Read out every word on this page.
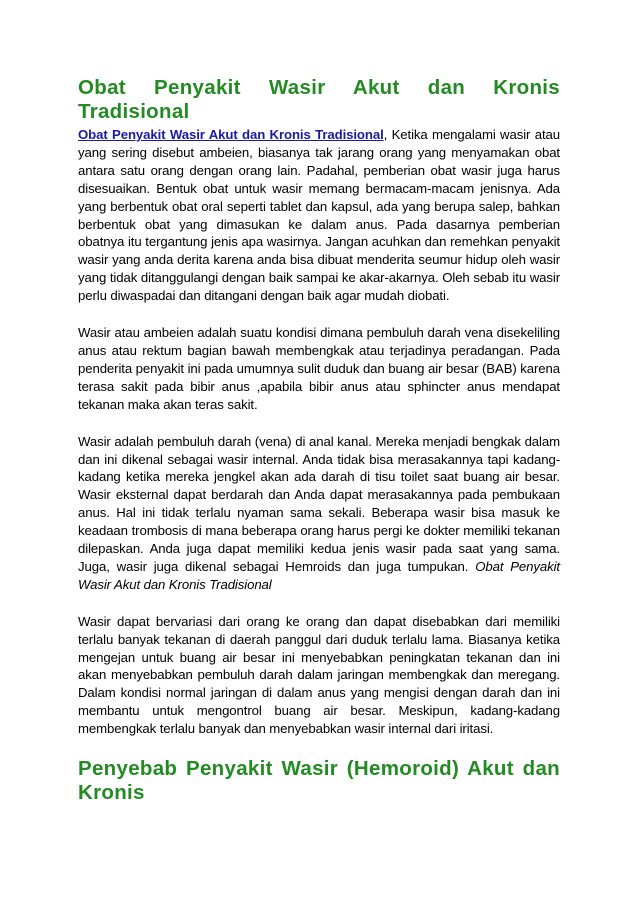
Obat Penyakit Wasir Akut dan Kronis Tradisional

Obat Penyakit Wasir Akut dan Kronis Tradisional, Ketika mengalami wasir atau yang sering disebut ambeien, biasanya tak jarang orang yang menyamakan obat antara satu orang dengan orang lain. Padahal, pemberian obat wasir juga harus disesuaikan. Bentuk obat untuk wasir memang bermacam-macam jenisnya. Ada yang berbentuk obat oral seperti tablet dan kapsul, ada yang berupa salep, bahkan berbentuk obat yang dimasukan ke dalam anus. Pada dasarnya pemberian obatnya itu tergantung jenis apa wasirnya. Jangan acuhkan dan remehkan penyakit wasir yang anda derita karena anda bisa dibuat menderita seumur hidup oleh wasir yang tidak ditanggulangi dengan baik sampai ke akar-akarnya. Oleh sebab itu wasir perlu diwaspadai dan ditangani dengan baik agar mudah diobati.

Wasir atau ambeien adalah suatu kondisi dimana pembuluh darah vena disekeliling anus atau rektum bagian bawah membengkak atau terjadinya peradangan. Pada penderita penyakit ini pada umumnya sulit duduk dan buang air besar (BAB) karena terasa sakit pada bibir anus ,apabila bibir anus atau sphincter anus mendapat tekanan maka akan teras sakit.

Wasir adalah pembuluh darah (vena) di anal kanal. Mereka menjadi bengkak dalam dan ini dikenal sebagai wasir internal. Anda tidak bisa merasakannya tapi kadang-kadang ketika mereka jengkel akan ada darah di tisu toilet saat buang air besar. Wasir eksternal dapat berdarah dan Anda dapat merasakannya pada pembukaan anus. Hal ini tidak terlalu nyaman sama sekali. Beberapa wasir bisa masuk ke keadaan trombosis di mana beberapa orang harus pergi ke dokter memiliki tekanan dilepaskan. Anda juga dapat memiliki kedua jenis wasir pada saat yang sama. Juga, wasir juga dikenal sebagai Hemroids dan juga tumpukan. Obat Penyakit Wasir Akut dan Kronis Tradisional

Wasir dapat bervariasi dari orang ke orang dan dapat disebabkan dari memiliki terlalu banyak tekanan di daerah panggul dari duduk terlalu lama. Biasanya ketika mengejan untuk buang air besar ini menyebabkan peningkatan tekanan dan ini akan menyebabkan pembuluh darah dalam jaringan membengkak dan meregang. Dalam kondisi normal jaringan di dalam anus yang mengisi dengan darah dan ini membantu untuk mengontrol buang air besar. Meskipun, kadang-kadang membengkak terlalu banyak dan menyebabkan wasir internal dari iritasi.

Penyebab Penyakit Wasir (Hemoroid) Akut dan Kronis
